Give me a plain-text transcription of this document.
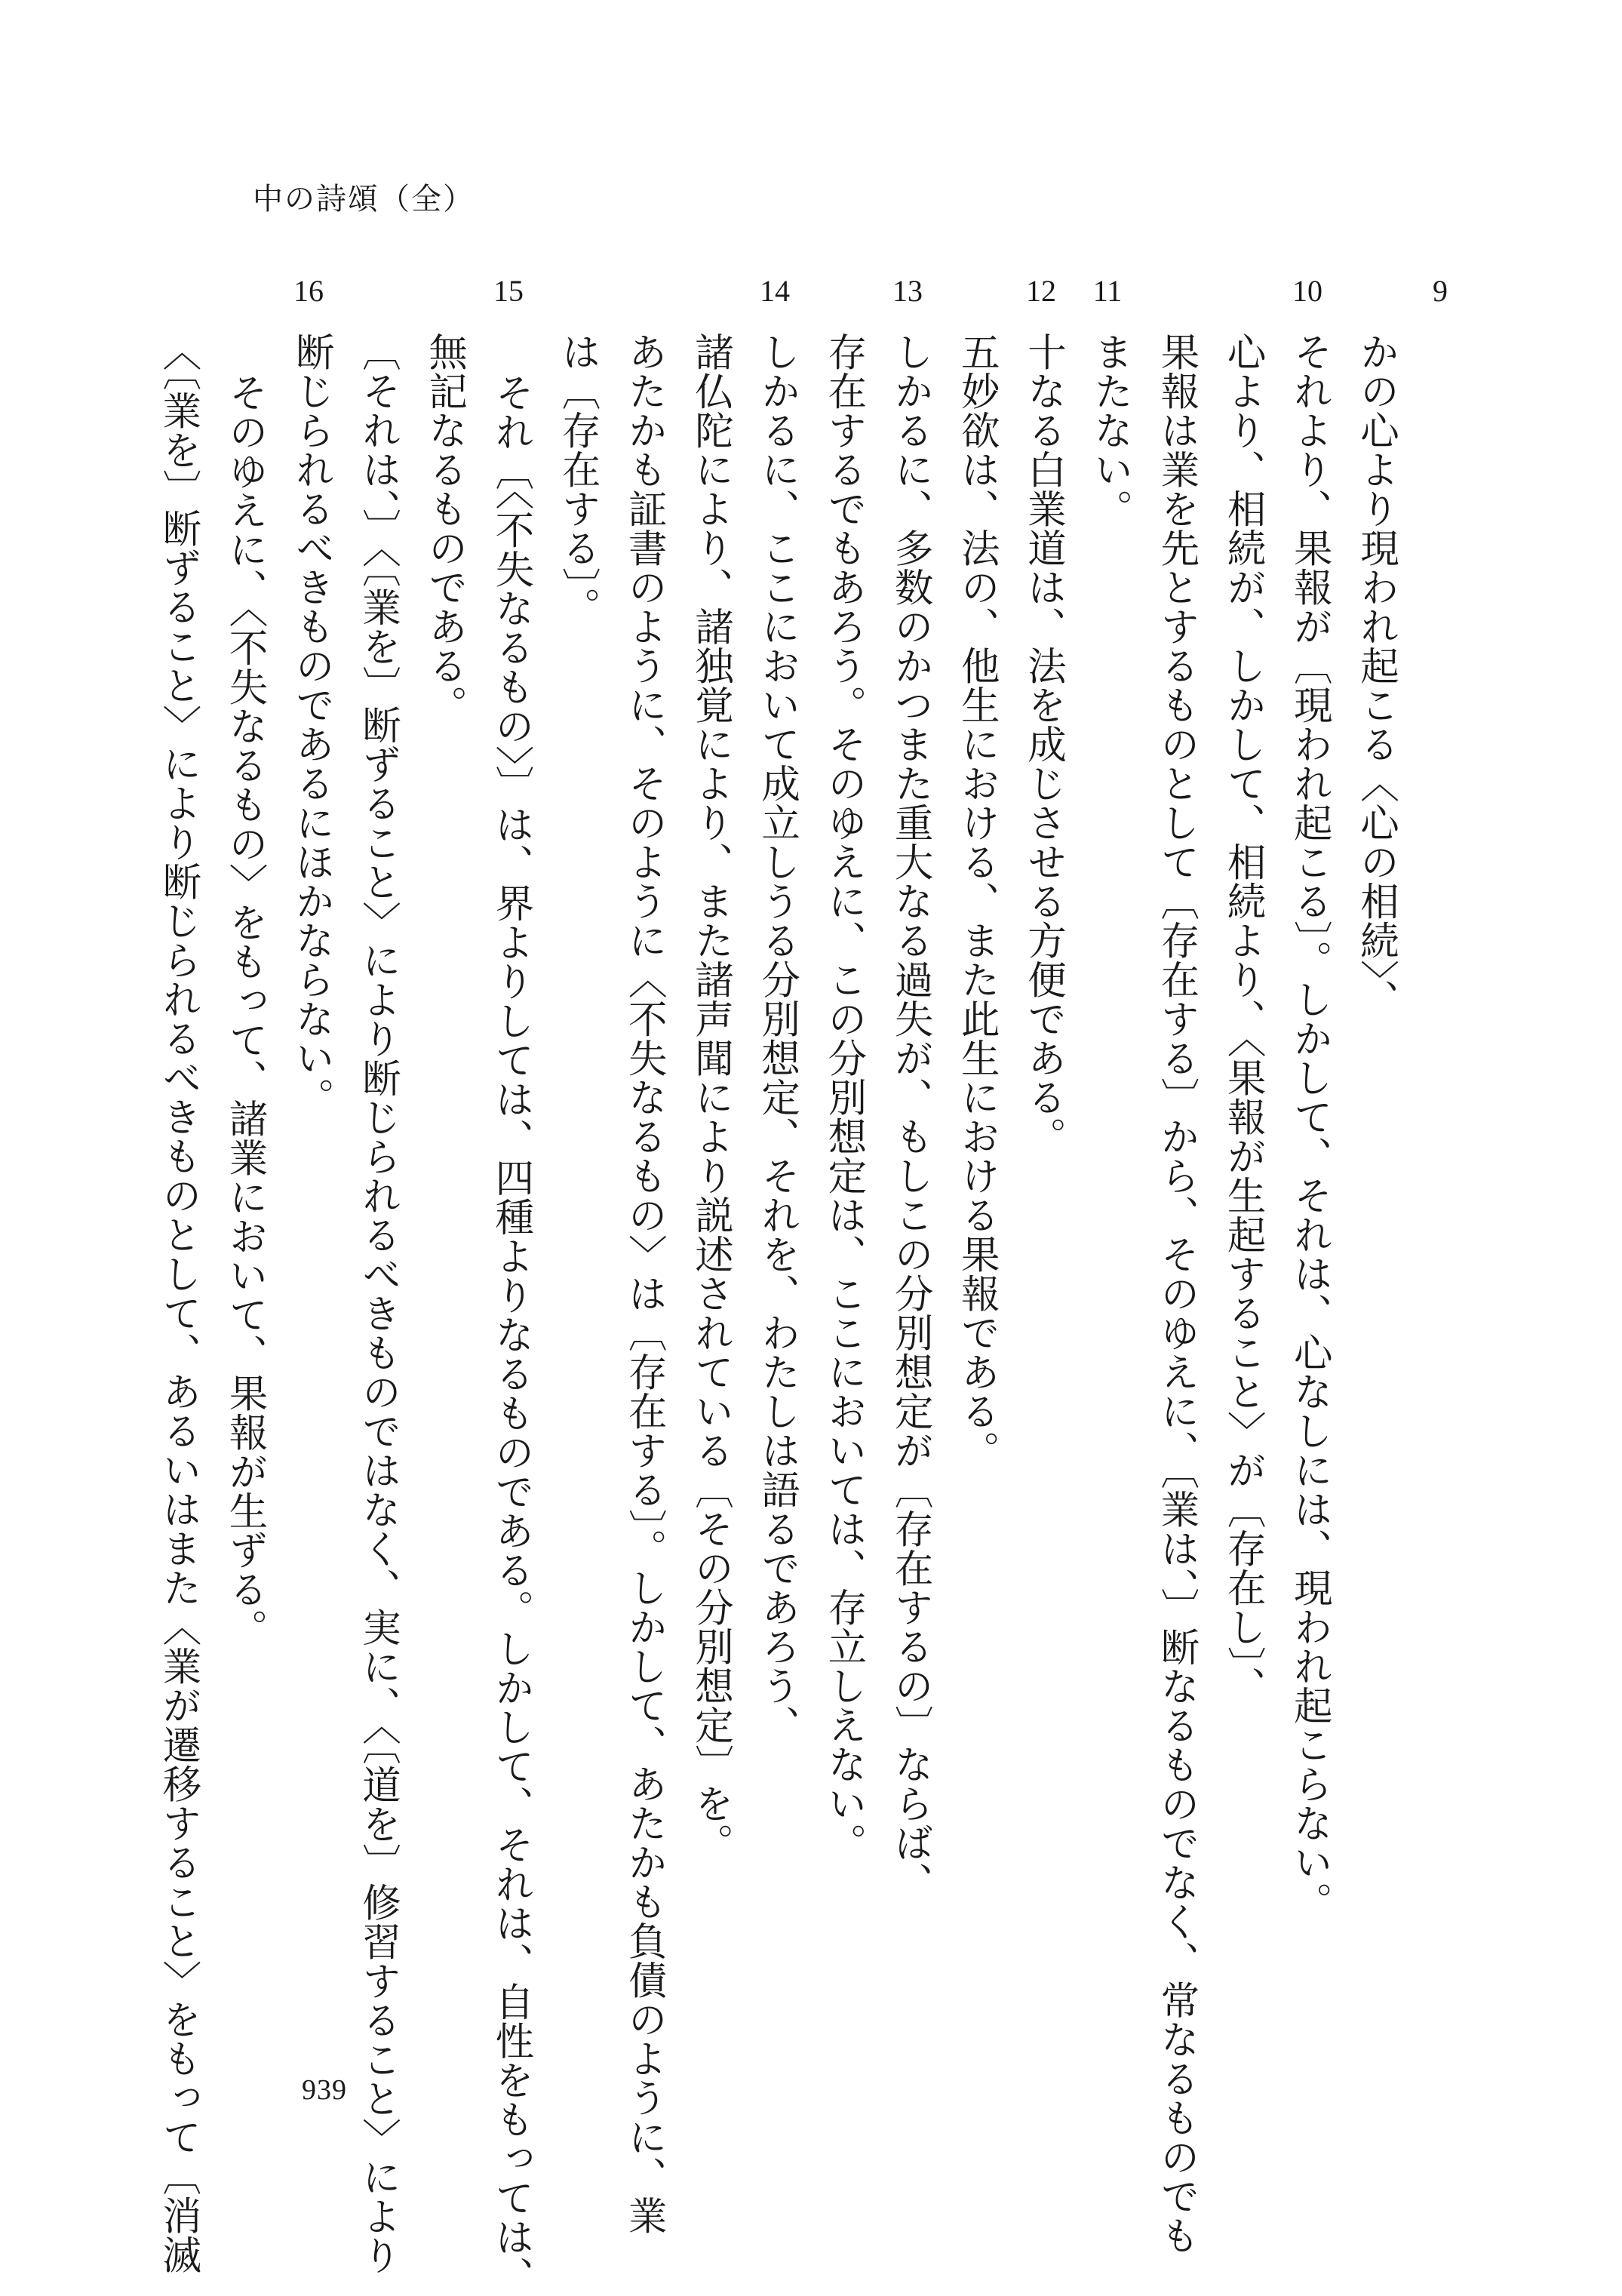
中の詩頌（全）
9
10
11
12
13
14
15
16
かの心より現われ起こる〈心の相続〉、
それより、果報が〔現われ起こる〕。しかして、それは、心なしには、現われ起こらない。
心より、相続が、しかして、相続より、〈果報が生起すること〉が〔存在し〕、
果報は業を先とするものとして〔存在する〕から、そのゆえに、〔業は、〕断なるものでなく、常なるものでも
またない。
十なる白業道は、法を成じさせる方便である。
五妙欲は、法の、他生における、また此生における果報である。
しかるに、多数のかつまた重大なる過失が、もしこの分別想定が〔存在するの〕ならば、
存在するでもあろう。そのゆえに、この分別想定は、ここにおいては、存立しえない。
しかるに、ここにおいて成立しうる分別想定、それを、わたしは語るであろう、
諸仏陀により、諸独覚により、また諸声聞により説述されている〔その分別想定〕を。
あたかも証書のように、そのように〈不失なるもの〉は〔存在する〕。しかして、あたかも負債のように、業
は〔存在する〕。
それ〔〈不失なるもの〉〕は、界よりしては、四種よりなるものである。しかして、それは、自性をもっては、
無記なるものである。
〔それは、〕〈〔業を〕断ずること〉により断じられるべきものではなく、実に、〈〔道を〕修習すること〉により
断じられるべきものであるにほかならない。
そのゆえに、〈不失なるもの〉をもって、諸業において、果報が生ずる。
〈〔業を〕断ずること〉により断じられるべきものとして、あるいはまた〈業が遷移すること〉をもって〔消滅	939
